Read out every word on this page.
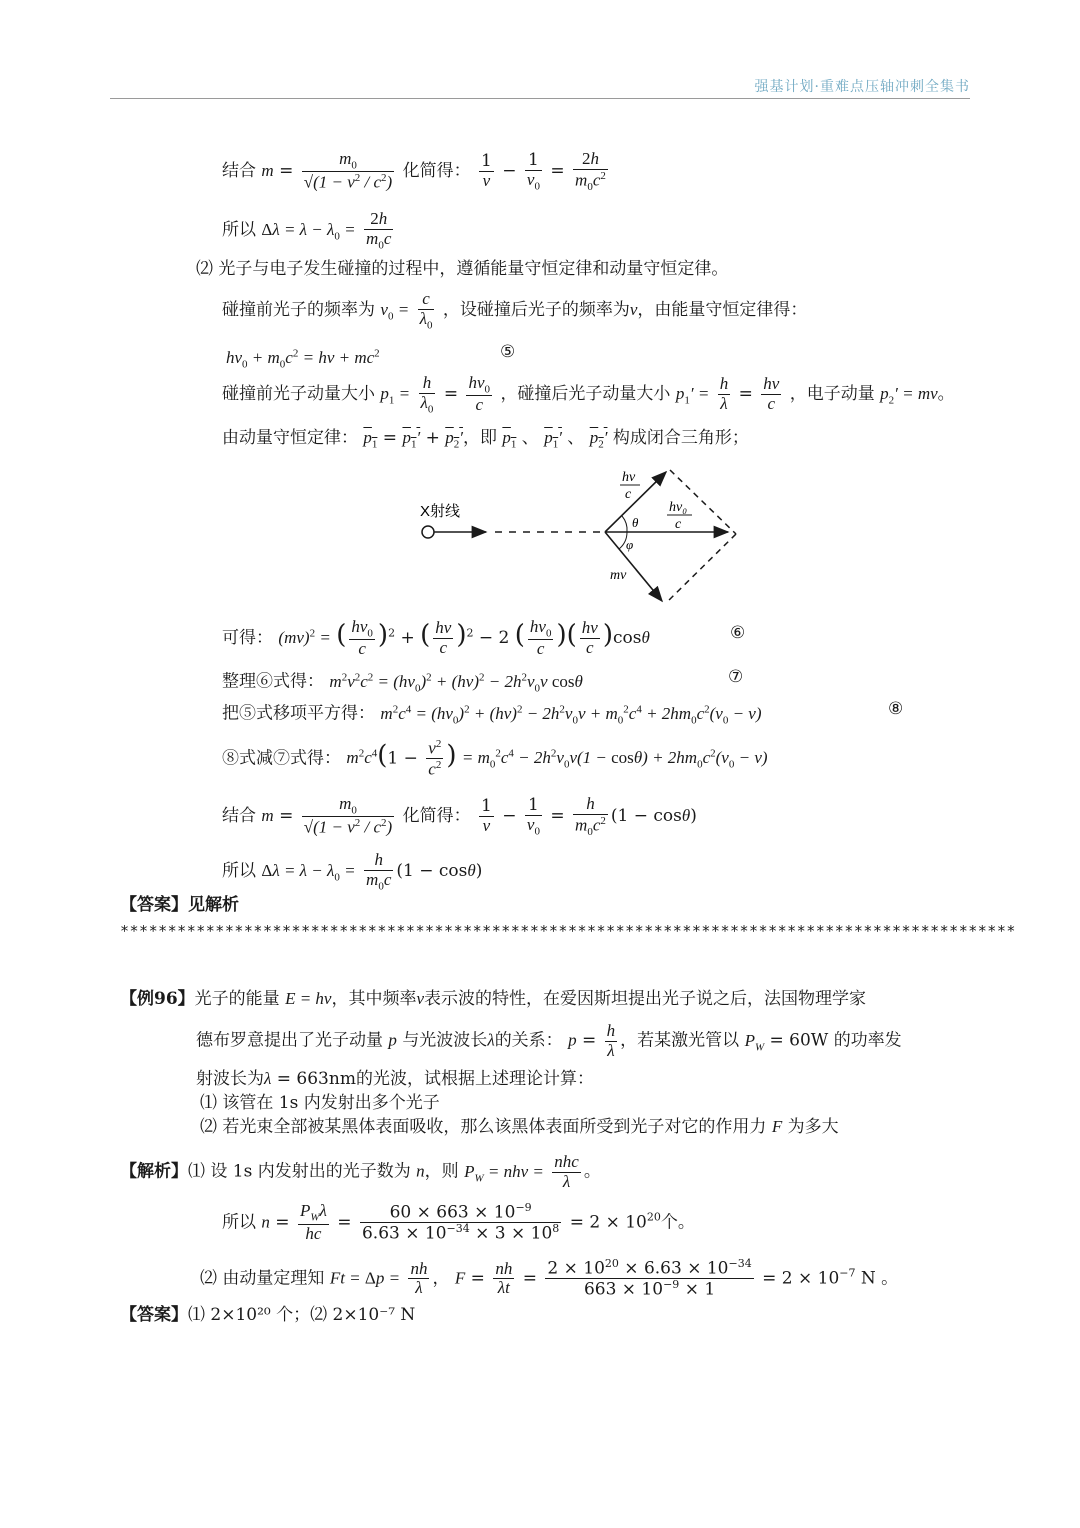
强基计划·重难点压轴冲刺全集书
结合 $m = \frac{m_0}{√(1 - v^2 / c^2)}$ 化简得： $\frac{1}{\nu} - \frac{1}{\nu_0} = \frac{2h}{m_0c^2}$
所以 $\Delta\lambda = \lambda - \lambda_0 = \frac{2h}{m_0c}$
⑵ 光子与电子发生碰撞的过程中，遵循能量守恒定律和动量守恒定律。
碰撞前光子的频率为 $\nu_0 = \frac{c}{\lambda_0}$ ，设碰撞后光子的频率为ν，由能量守恒定律得：
$h\nu_0 + m_0c^2 = h\nu + mc^2$	⑤
碰撞前光子动量大小 $p_1 = \frac{h}{\lambda_0} = \frac{h\nu_0}{c}$ ，碰撞后光子动量大小 $p_1' = \frac{h}{\lambda} = \frac{h\nu}{c}$ ，电子动量 $p_2'$ = mv。
由动量守恒定律： $p_1 = p_1' + p_2'$，即 $p_1$ 、 $p_1'$ 、 $p_2'$ 构成闭合三角形；
X射线
hν
c
hν₀
c
θ
φ
mv
可得： (mv)$^2$ = ( $\frac{h\nu_0}{c} )^2$ + ( $\frac{h\nu}{c} )^2 - 2$ ( $\frac{h\nu_0}{c}$ )( $\frac{h\nu}{c} )\cos\theta$	⑥
整理⑥式得： $m^2v^2c^2 = (h\nu_0)^2 + (h\nu)^2 - 2h^2\nu_0\nu$ cosθ	⑦
把⑤式移项平方得： $m^2c^4 = (h\nu_0)^2 + (h\nu)^2 - 2h^2\nu_0\nu + m_0^2c^4 + 2hm_0c^2(\nu_0 - \nu)$	⑧
⑧式减⑦式得： $m^2c^4(1 - \frac{v^2}{c^2}$ ) = $m_0^2c^4 - 2h^2\nu_0\nu(1 - \cos\theta) + 2hm_0c^2(\nu_0 - \nu)$
结合 $m = \frac{m_0}{√(1 - v^2 / c^2)}$ 化简得： $\frac{1}{\nu} - \frac{1}{\nu_0} = \frac{h}{m_0c^2} (1 - \cos\theta)$
所以 $\Delta\lambda = \lambda - \lambda_0 = \frac{h}{m_0c} (1 - \cos\theta)$
【答案】见解析
**********************************************************************************************
【例96】光子的能量 E = hν，其中频率ν表示波的特性，在爱因斯坦提出光子说之后，法国物理学家
德布罗意提出了光子动量 p 与光波波长λ的关系： $p = \frac{h}{\lambda}$ ，若某激光管以 $P_W = 60W$ 的功率发
射波长为λ = 663nm的光波，试根据上述理论计算：
⑴ 该管在 1s 内发射出多个光子
⑵ 若光束全部被某黑体表面吸收，那么该黑体表面所受到光子对它的作用力 F 为多大
【解析】⑴ 设 1s 内发射出的光子数为 n，则 $P_W = nh\nu = \frac{\text{nhc}}{\lambda}$ 。
所以 $n = \frac{P_W\lambda}{hc} = \frac{60 \times 663 \times 10^{-9}}{6.63 \times 10^{-34} \times 3 \times 10^8} = 2 \times 10^{20}$个。
⑵ 由动量定理知 $Ft = \Delta p = \frac{nh}{\lambda}$ ， $F = \frac{nh}{\lambda t} = \frac{2 \times 10^{20} \times 6.63 \times 10^{-34}}{663 \times 10^{-9} \times 1} = 2 \times 10^{-7}$ N 。
【答案】⑴ 2×10²⁰ 个；⑵ 2×10⁻⁷ N
